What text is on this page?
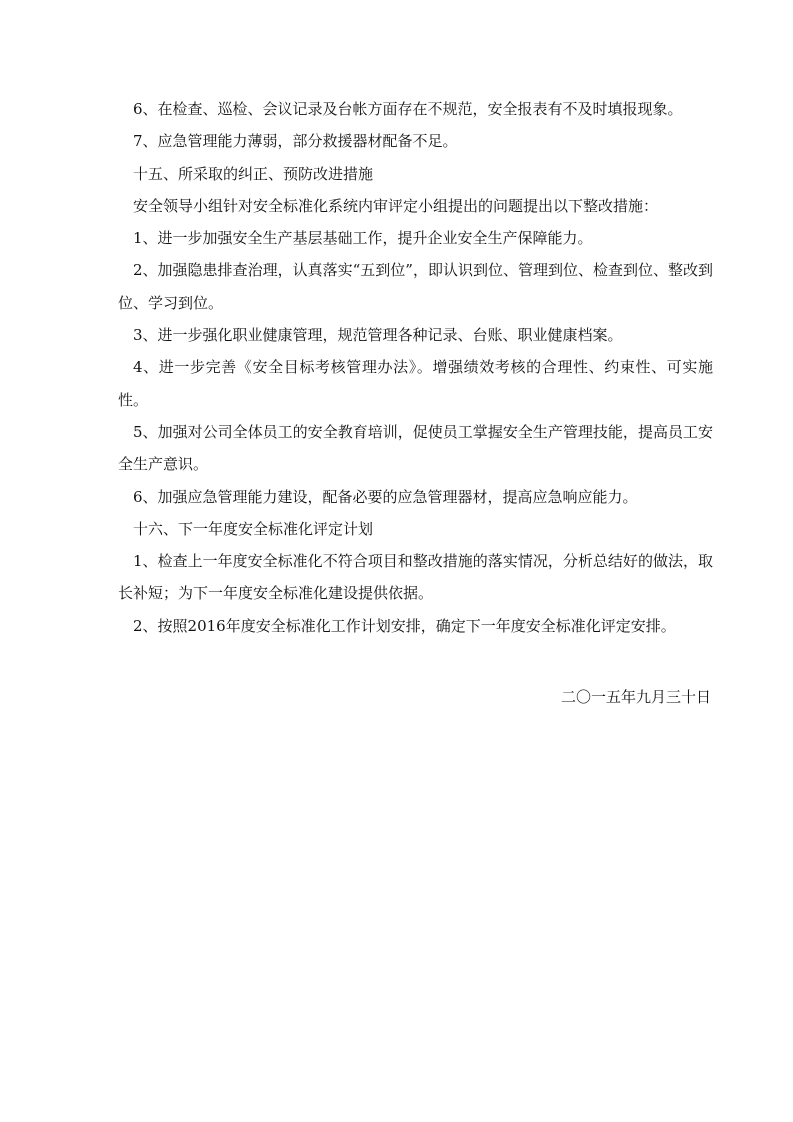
6、在检查、巡检、会议记录及台帐方面存在不规范，安全报表有不及时填报现象。

7、应急管理能力薄弱，部分救援器材配备不足。

十五、所采取的纠正、预防改进措施

安全领导小组针对安全标准化系统内审评定小组提出的问题提出以下整改措施：

1、进一步加强安全生产基层基础工作，提升企业安全生产保障能力。

2、加强隐患排查治理，认真落实“五到位”，即认识到位、管理到位、检查到位、整改到位、学习到位。

3、进一步强化职业健康管理，规范管理各种记录、台账、职业健康档案。

4、进一步完善《安全目标考核管理办法》。增强绩效考核的合理性、约束性、可实施性。

5、加强对公司全体员工的安全教育培训，促使员工掌握安全生产管理技能，提高员工安全生产意识。

6、加强应急管理能力建设，配备必要的应急管理器材，提高应急响应能力。

十六、下一年度安全标准化评定计划

1、检查上一年度安全标准化不符合项目和整改措施的落实情况，分析总结好的做法，取长补短；为下一年度安全标准化建设提供依据。

2、按照2016年度安全标准化工作计划安排，确定下一年度安全标准化评定安排。

二〇一五年九月三十日
